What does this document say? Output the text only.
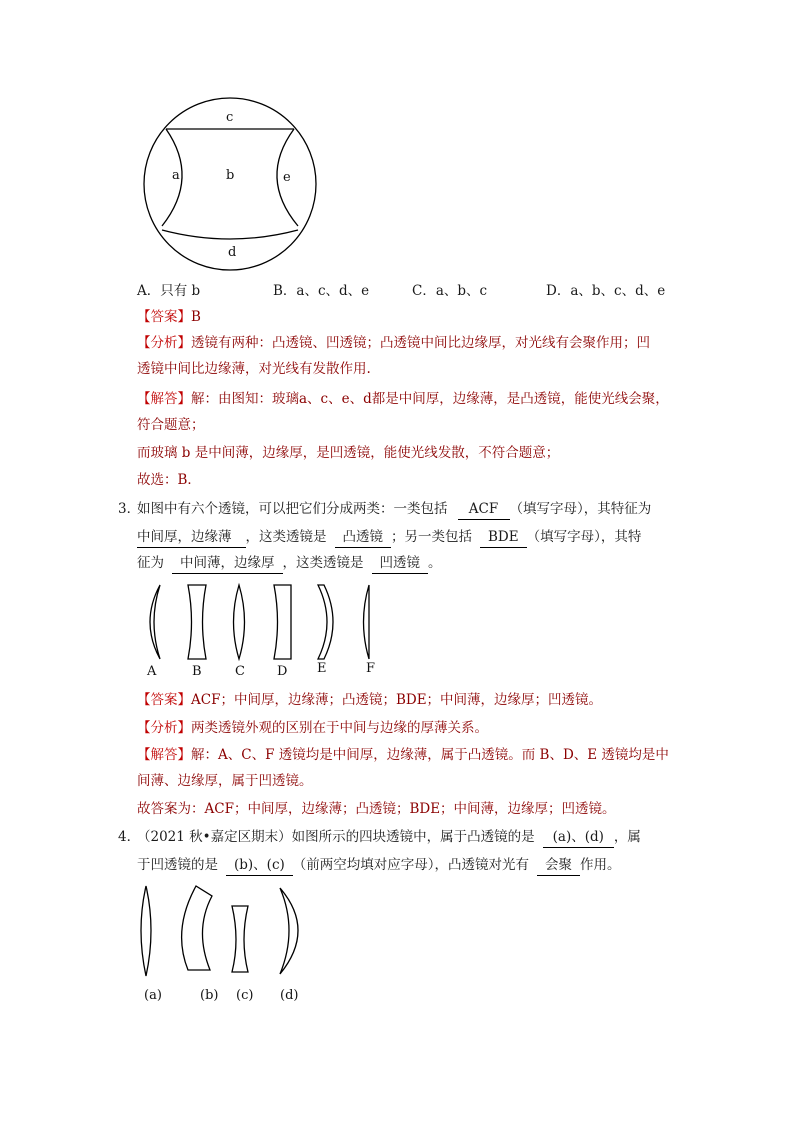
c
a	b	e
d
A．只有 b	B．a、c、d、e	C．a、b、c	D．a、b、c、d、e
【答案】B
【分析】透镜有两种：凸透镜、凹透镜；凸透镜中间比边缘厚，对光线有会聚作用；凹
透镜中间比边缘薄，对光线有发散作用.
【解答】解：由图知：玻璃a、c、e、d都是中间厚，边缘薄，是凸透镜，能使光线会聚，
符合题意；
而玻璃 b 是中间薄，边缘厚，是凹透镜，能使光线发散，不符合题意；
故选：B．
3．
如图中有六个透镜，可以把它们分成两类：一类包括 ACF （填写字母），其特征为
中间厚，边缘薄 ，这类透镜是 凸透镜 ；另一类包括 BDE （填写字母），其特
征为 中间薄，边缘厚 ，这类透镜是 凹透镜 。
A	B	C D E	F
【答案】ACF；中间厚，边缘薄；凸透镜；BDE；中间薄，边缘厚；凹透镜。
【分析】两类透镜外观的区别在于中间与边缘的厚薄关系。
【解答】解：A、C、F 透镜均是中间厚，边缘薄，属于凸透镜。而 B、D、E 透镜均是中
间薄、边缘厚，属于凹透镜。
故答案为：ACF；中间厚，边缘薄；凸透镜；BDE；中间薄，边缘厚；凹透镜。
4．
（2021 秋•嘉定区期末）如图所示的四块透镜中，属于凸透镜的是 (a)、(d) ，属
于凹透镜的是 (b)、(c) （前两空均填对应字母），凸透镜对光有 会聚 作用。
(a)	(b) (c) (d)
